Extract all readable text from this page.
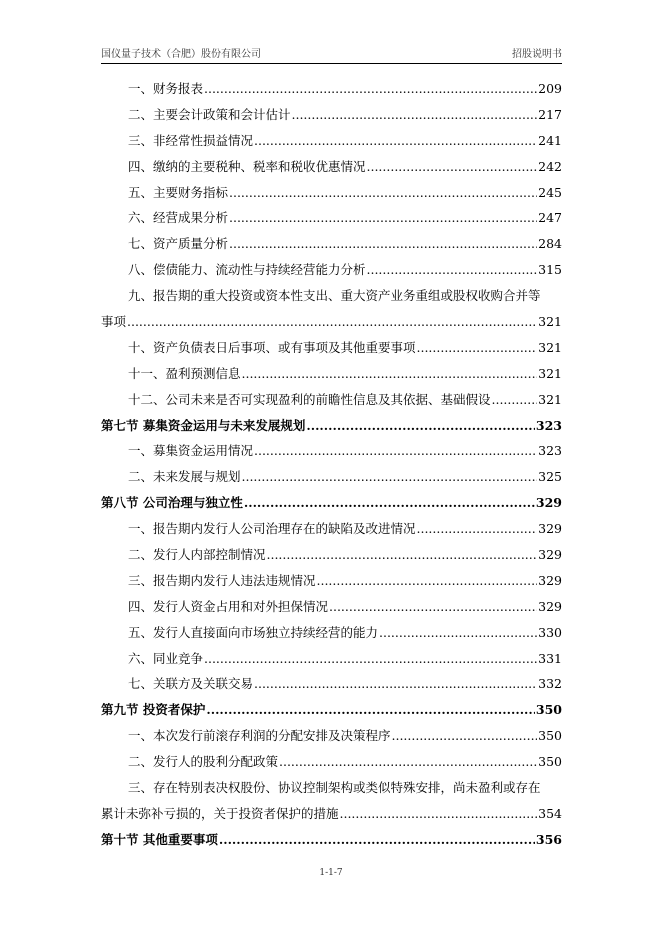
国仪量子技术（合肥）股份有限公司	招股说明书
一、财务报表 .....	209
二、主要会计政策和会计估计 .....	217
三、非经常性损益情况 .....	241
四、缴纳的主要税种、税率和税收优惠情况 .....	242
五、主要财务指标 .....	245
六、经营成果分析 .....	247
七、资产质量分析 .....	284
八、偿债能力、流动性与持续经营能力分析 .....	315
九、报告期的重大投资或资本性支出、重大资产业务重组或股权收购合并等
事项 .....	321
十、资产负债表日后事项、或有事项及其他重要事项 .....	321
十一、盈利预测信息 .....	321
十二、公司未来是否可实现盈利的前瞻性信息及其依据、基础假设 .....	321
第七节 募集资金运用与未来发展规划 .....	323
一、募集资金运用情况 .....	323
二、未来发展与规划 .....	325
第八节 公司治理与独立性 .....	329
一、报告期内发行人公司治理存在的缺陷及改进情况 .....	329
二、发行人内部控制情况 .....	329
三、报告期内发行人违法违规情况 .....	329
四、发行人资金占用和对外担保情况 .....	329
五、发行人直接面向市场独立持续经营的能力 .....	330
六、同业竞争 .....	331
七、关联方及关联交易 .....	332
第九节 投资者保护 .....	350
一、本次发行前滚存利润的分配安排及决策程序 .....	350
二、发行人的股利分配政策 .....	350
三、存在特别表决权股份、协议控制架构或类似特殊安排，尚未盈利或存在
累计未弥补亏损的，关于投资者保护的措施 .....	354
第十节 其他重要事项 .....	356
1-1-7
